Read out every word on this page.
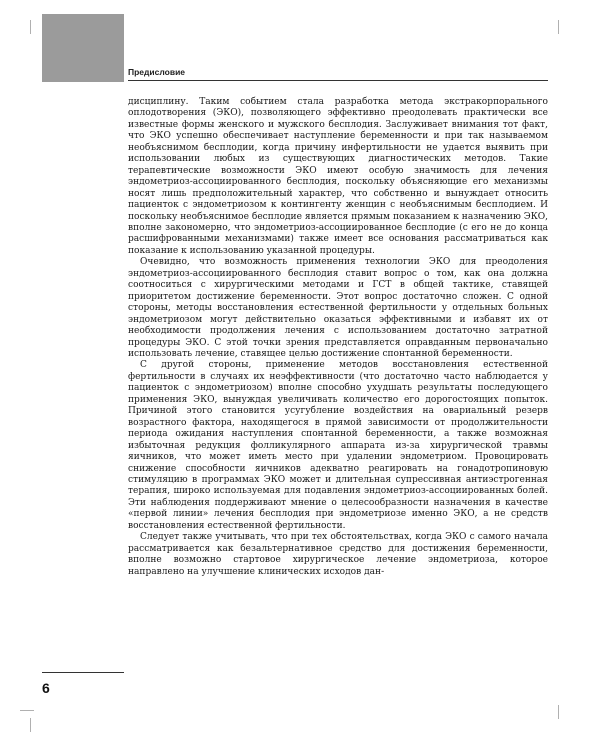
Предисловие

дисциплину. Таким событием стала разработка метода экстракорпорального оплодотворения (ЭКО), позволяющего эффективно преодолевать практически все известные формы женского и мужского бесплодия. Заслуживает внимания тот факт, что ЭКО успешно обеспечивает наступление беременности и при так называемом необъяснимом бесплодии, когда причину инфертильности не удается выявить при использовании любых из существующих диагностических методов. Такие терапевтические возможности ЭКО имеют особую значимость для лечения эндометриоз-ассоциированного бесплодия, поскольку объясняющие его механизмы носят лишь предположительный характер, что собственно и вынуждает относить пациенток с эндометриозом к контингенту женщин с необъяснимым бесплодием. И поскольку необъяснимое бесплодие является прямым показанием к назначению ЭКО, вполне закономерно, что эндометриоз-ассоциированное бесплодие (с его не до конца расшифрованными механизмами) также имеет все основания рассматриваться как показание к использованию указанной процедуры.

Очевидно, что возможность применения технологии ЭКО для преодоления эндометриоз-ассоциированного бесплодия ставит вопрос о том, как она должна соотноситься с хирургическими методами и ГСТ в общей тактике, ставящей приоритетом достижение беременности. Этот вопрос достаточно сложен. С одной стороны, методы восстановления естественной фертильности у отдельных больных эндометриозом могут действительно оказаться эффективными и избавят их от необходимости продолжения лечения с использованием достаточно затратной процедуры ЭКО. С этой точки зрения представляется оправданным первоначально использовать лечение, ставящее целью достижение спонтанной беременности.

С другой стороны, применение методов восстановления естественной фертильности в случаях их неэффективности (что достаточно часто наблюдается у пациенток с эндометриозом) вполне способно ухудшать результаты последующего применения ЭКО, вынуждая увеличивать количество его дорогостоящих попыток. Причиной этого становится усугубление воздействия на овариальный резерв возрастного фактора, находящегося в прямой зависимости от продолжительности периода ожидания наступления спонтанной беременности, а также возможная избыточная редукция фолликулярного аппарата из-за хирургической травмы яичников, что может иметь место при удалении эндометриом. Провоцировать снижение способности яичников адекватно реагировать на гонадотропиновую стимуляцию в программах ЭКО может и длительная супрессивная антиэстрогенная терапия, широко используемая для подавления эндометриоз-ассоциированных болей. Эти наблюдения поддерживают мнение о целесообразности назначения в качестве «первой линии» лечения бесплодия при эндометриозе именно ЭКО, а не средств восстановления естественной фертильности.

Следует также учитывать, что при тех обстоятельствах, когда ЭКО с самого начала рассматривается как безальтернативное средство для достижения беременности, вполне возможно стартовое хирургическое лечение эндометриоза, которое направлено на улучшение клинических исходов дан-

6
